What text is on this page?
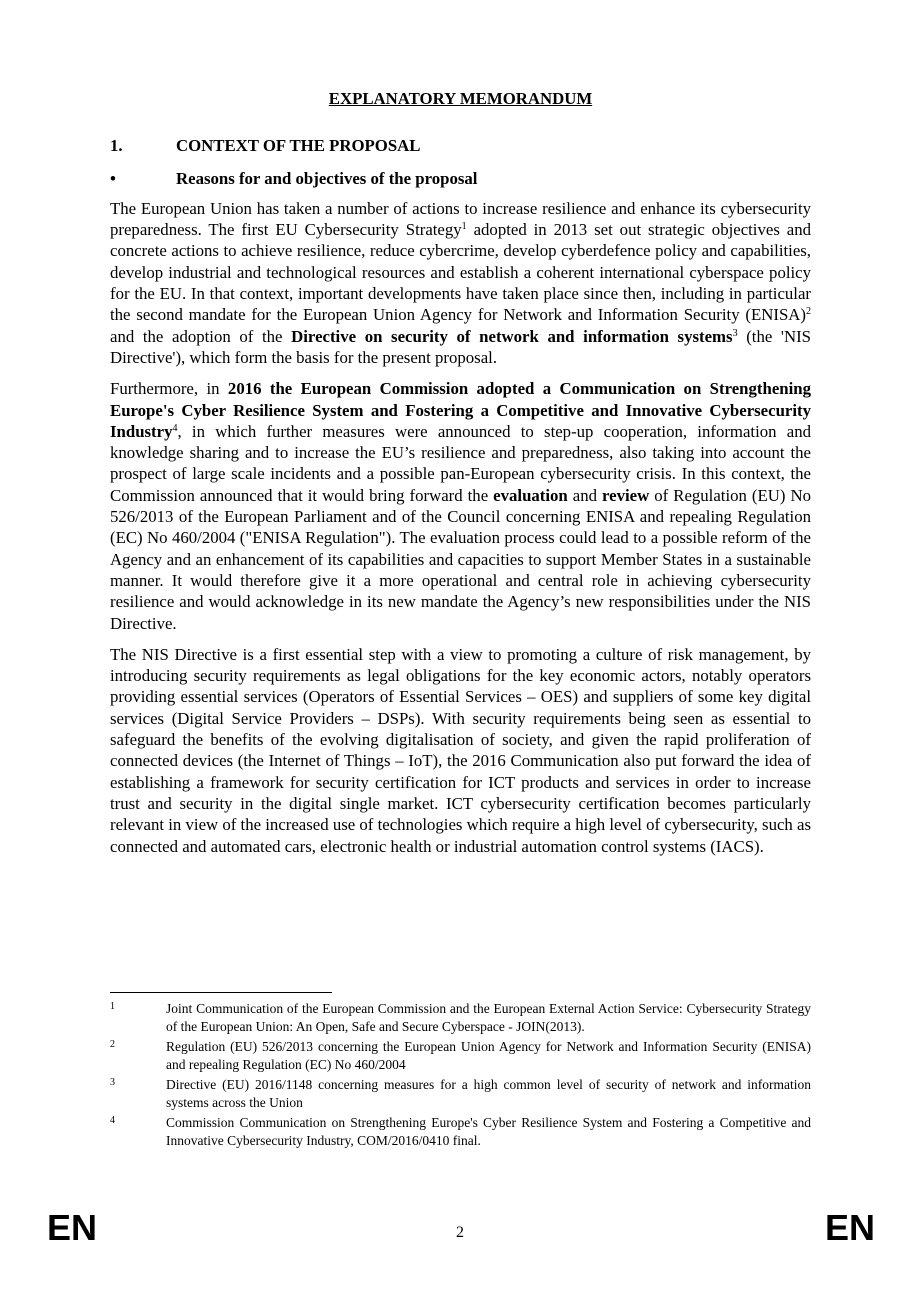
EXPLANATORY MEMORANDUM
1.	CONTEXT OF THE PROPOSAL
•	Reasons for and objectives of the proposal

The European Union has taken a number of actions to increase resilience and enhance its cybersecurity preparedness. The first EU Cybersecurity Strategy$^1$ adopted in 2013 set out strategic objectives and concrete actions to achieve resilience, reduce cybercrime, develop cyberdefence policy and capabilities, develop industrial and technological resources and establish a coherent international cyberspace policy for the EU. In that context, important developments have taken place since then, including in particular the second mandate for the European Union Agency for Network and Information Security (ENISA)$^2$ and the adoption of the Directive on security of network and information systems$^3$ (the 'NIS Directive'), which form the basis for the present proposal.

Furthermore, in 2016 the European Commission adopted a Communication on Strengthening Europe's Cyber Resilience System and Fostering a Competitive and Innovative Cybersecurity Industry$^4$, in which further measures were announced to step-up cooperation, information and knowledge sharing and to increase the EU’s resilience and preparedness, also taking into account the prospect of large scale incidents and a possible pan-European cybersecurity crisis. In this context, the Commission announced that it would bring forward the evaluation and review of Regulation (EU) No 526/2013 of the European Parliament and of the Council concerning ENISA and repealing Regulation (EC) No 460/2004 ("ENISA Regulation"). The evaluation process could lead to a possible reform of the Agency and an enhancement of its capabilities and capacities to support Member States in a sustainable manner. It would therefore give it a more operational and central role in achieving cybersecurity resilience and would acknowledge in its new mandate the Agency’s new responsibilities under the NIS Directive.

The NIS Directive is a first essential step with a view to promoting a culture of risk management, by introducing security requirements as legal obligations for the key economic actors, notably operators providing essential services (Operators of Essential Services – OES) and suppliers of some key digital services (Digital Service Providers – DSPs). With security requirements being seen as essential to safeguard the benefits of the evolving digitalisation of society, and given the rapid proliferation of connected devices (the Internet of Things – IoT), the 2016 Communication also put forward the idea of establishing a framework for security certification for ICT products and services in order to increase trust and security in the digital single market. ICT cybersecurity certification becomes particularly relevant in view of the increased use of technologies which require a high level of cybersecurity, such as connected and automated cars, electronic health or industrial automation control systems (IACS).

1	Joint Communication of the European Commission and the European External Action Service: Cybersecurity Strategy of the European Union: An Open, Safe and Secure Cyberspace - JOIN(2013).
2	Regulation (EU) 526/2013 concerning the European Union Agency for Network and Information Security (ENISA) and repealing Regulation (EC) No 460/2004
3	Directive (EU) 2016/1148 concerning measures for a high common level of security of network and information systems across the Union
4	Commission Communication on Strengthening Europe's Cyber Resilience System and Fostering a Competitive and Innovative Cybersecurity Industry, COM/2016/0410 final.
EN	2	EN
